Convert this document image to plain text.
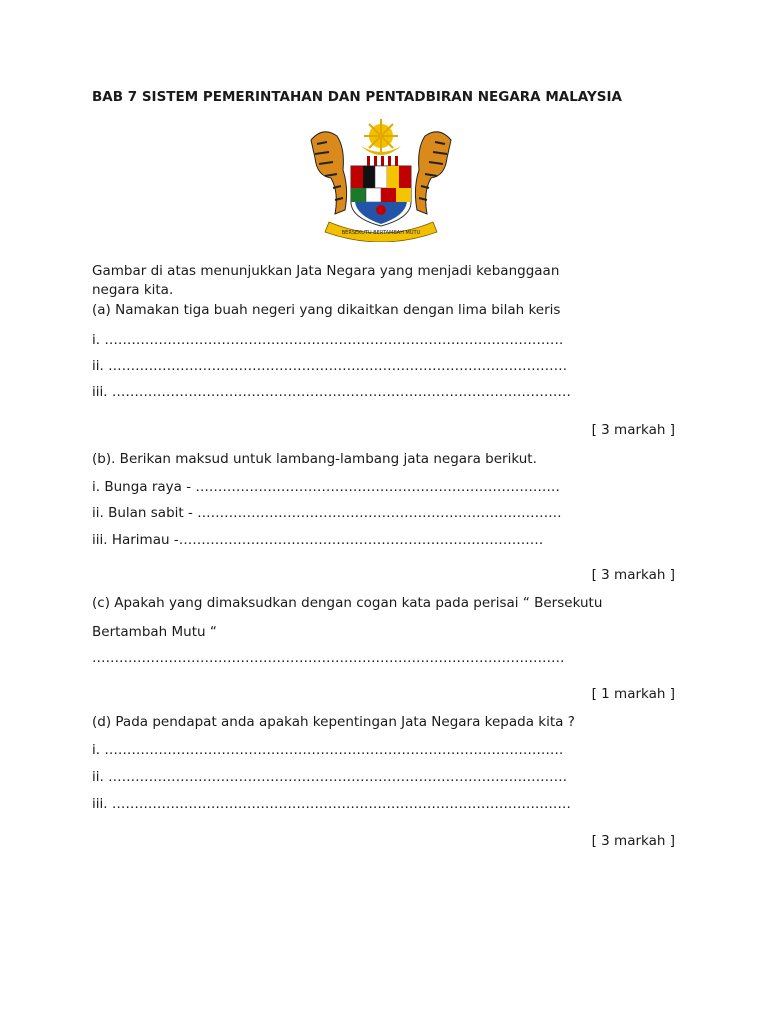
BAB 7 SISTEM PEMERINTAHAN DAN PENTADBIRAN NEGARA MALAYSIA
BERSEKUTU BERTAMBAH MUTU
Gambar di atas menunjukkan Jata Negara yang menjadi kebanggaan
negara kita.
(a) Namakan tiga buah negeri yang dikaitkan dengan lima bilah keris
i. …………………………………………………………………………………………
ii. …………………………………………………………………………………………
iii. …………………………………………………………………………………………
[ 3 markah ]
(b). Berikan maksud untuk lambang-lambang jata negara berikut.
i. Bunga raya - ………………………………………………………………………
ii. Bulan sabit - ………………………………………………………………………
iii. Harimau -………………………………………………………………………
[ 3 markah ]
(c) Apakah yang dimaksudkan dengan cogan kata pada perisai “ Bersekutu
Bertambah Mutu “
……………………………………………………………………………………………
[ 1 markah ]
(d) Pada pendapat anda apakah kepentingan Jata Negara kepada kita ?
i. …………………………………………………………………………………………
ii. …………………………………………………………………………………………
iii. …………………………………………………………………………………………
[ 3 markah ]
